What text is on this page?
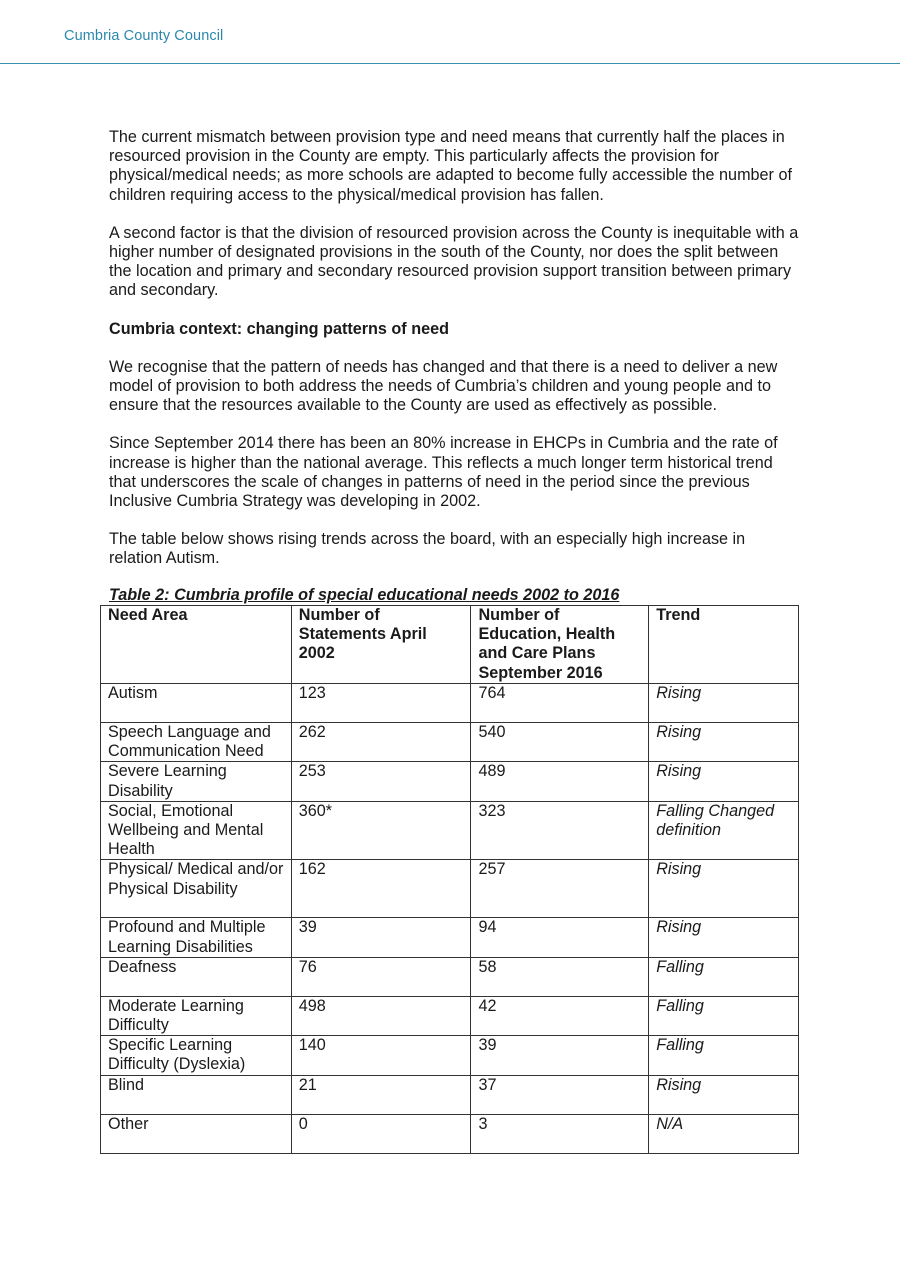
Cumbria County Council

The current mismatch between provision type and need means that currently half the places in resourced provision in the County are empty. This particularly affects the provision for physical/medical needs; as more schools are adapted to become fully accessible the number of children requiring access to the physical/medical provision has fallen.

A second factor is that the division of resourced provision across the County is inequitable with a higher number of designated provisions in the south of the County, nor does the split between the location and primary and secondary resourced provision support transition between primary and secondary.

Cumbria context: changing patterns of need

We recognise that the pattern of needs has changed and that there is a need to deliver a new model of provision to both address the needs of Cumbria’s children and young people and to ensure that the resources available to the County are used as effectively as possible.

Since September 2014 there has been an 80% increase in EHCPs in Cumbria and the rate of increase is higher than the national average. This reflects a much longer term historical trend that underscores the scale of changes in patterns of need in the period since the previous Inclusive Cumbria Strategy was developing in 2002.

The table below shows rising trends across the board, with an especially high increase in relation Autism.

Table 2: Cumbria profile of special educational needs 2002 to 2016
Need Area	Number of Statements April 2002	Number of Education, Health and Care Plans September 2016	Trend
Autism	123	764	Rising
Speech Language and Communication Need	262	540	Rising
Severe Learning Disability	253	489	Rising
Social, Emotional Wellbeing and Mental Health	360*	323	Falling Changed definition
Physical/ Medical and/or Physical Disability	162	257	Rising
Profound and Multiple Learning Disabilities	39	94	Rising
Deafness	76	58	Falling
Moderate Learning Difficulty	498	42	Falling
Specific Learning Difficulty (Dyslexia)	140	39	Falling
Blind	21	37	Rising
Other	0	3	N/A
